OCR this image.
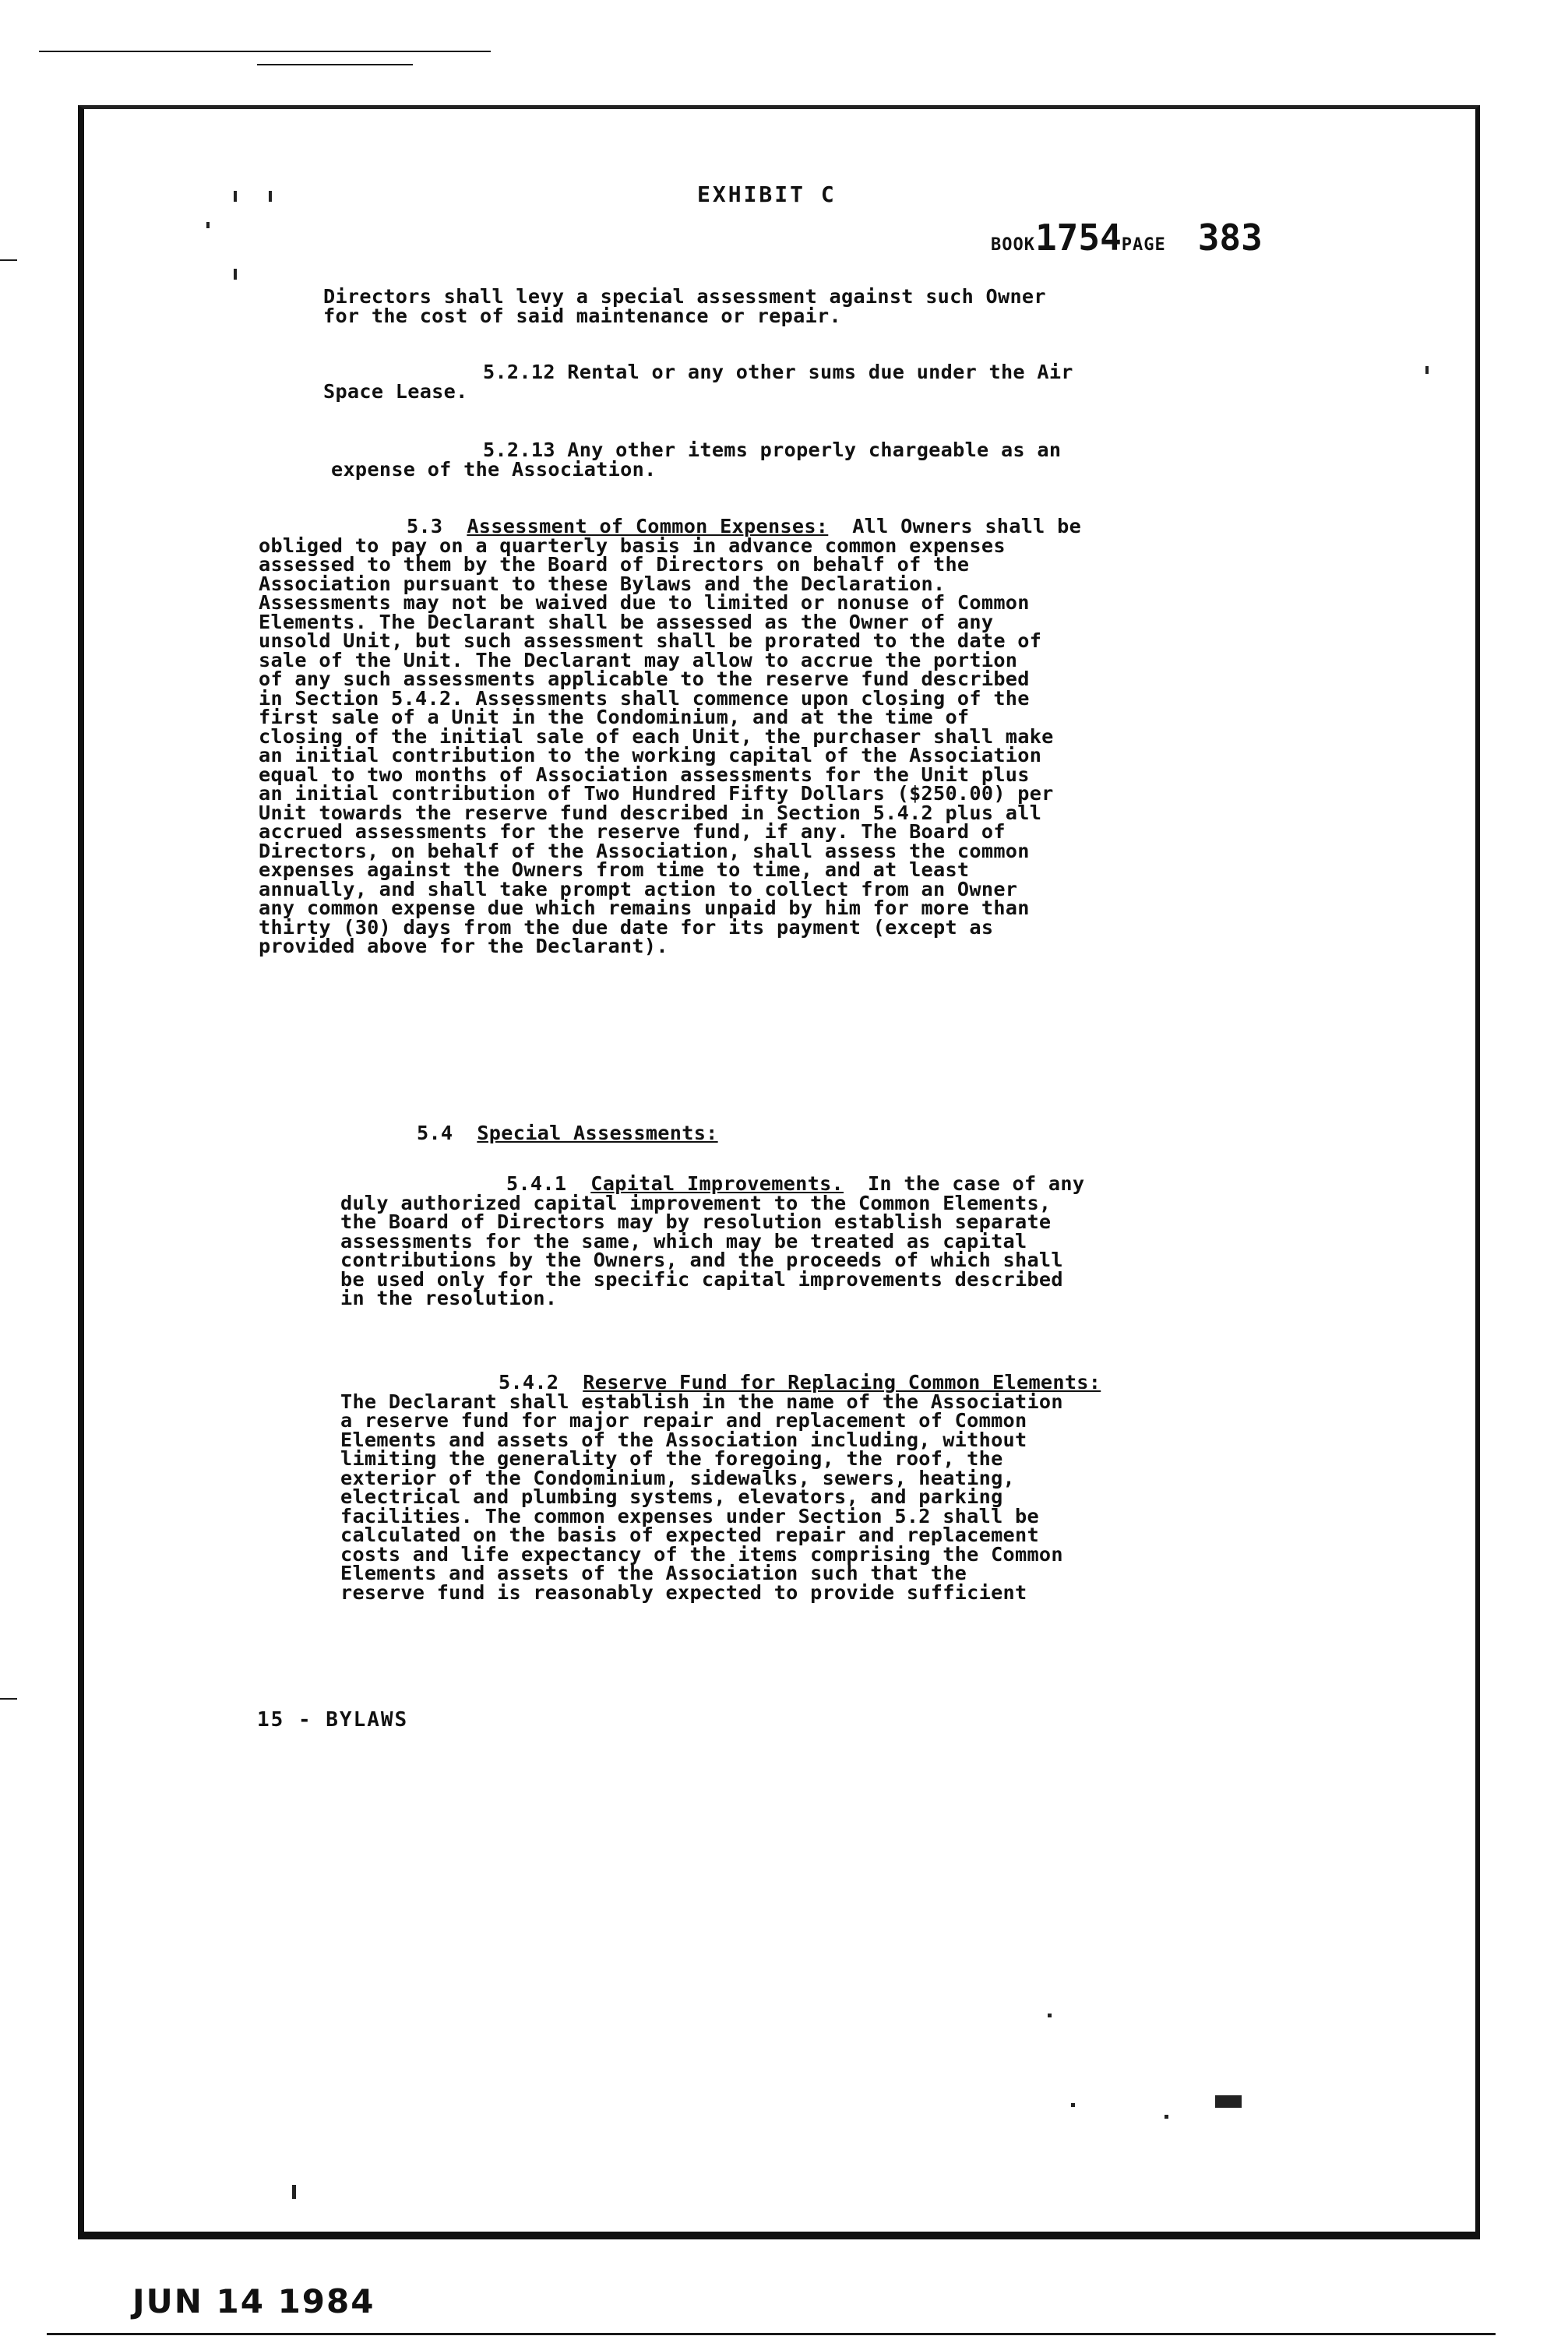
EXHIBIT C
BOOK1754PAGE 383
Directors shall levy a special assessment against such Owner
for the cost of said maintenance or repair.
5.2.12 Rental or any other sums due under the Air
Space Lease.
5.2.13 Any other items properly chargeable as an
expense of the Association.
5.3 Assessment of Common Expenses: All Owners shall be
obliged to pay on a quarterly basis in advance common expenses
assessed to them by the Board of Directors on behalf of the
Association pursuant to these Bylaws and the Declaration.
Assessments may not be waived due to limited or nonuse of Common
Elements. The Declarant shall be assessed as the Owner of any
unsold Unit, but such assessment shall be prorated to the date of
sale of the Unit. The Declarant may allow to accrue the portion
of any such assessments applicable to the reserve fund described
in Section 5.4.2. Assessments shall commence upon closing of the
first sale of a Unit in the Condominium, and at the time of
closing of the initial sale of each Unit, the purchaser shall make
an initial contribution to the working capital of the Association
equal to two months of Association assessments for the Unit plus
an initial contribution of Two Hundred Fifty Dollars ($250.00) per
Unit towards the reserve fund described in Section 5.4.2 plus all
accrued assessments for the reserve fund, if any. The Board of
Directors, on behalf of the Association, shall assess the common
expenses against the Owners from time to time, and at least
annually, and shall take prompt action to collect from an Owner
any common expense due which remains unpaid by him for more than
thirty (30) days from the due date for its payment (except as
provided above for the Declarant).
5.4 Special Assessments:
5.4.1 Capital Improvements. In the case of any
duly authorized capital improvement to the Common Elements,
the Board of Directors may by resolution establish separate
assessments for the same, which may be treated as capital
contributions by the Owners, and the proceeds of which shall
be used only for the specific capital improvements described
in the resolution.
5.4.2 Reserve Fund for Replacing Common Elements:
The Declarant shall establish in the name of the Association
a reserve fund for major repair and replacement of Common
Elements and assets of the Association including, without
limiting the generality of the foregoing, the roof, the
exterior of the Condominium, sidewalks, sewers, heating,
electrical and plumbing systems, elevators, and parking
facilities. The common expenses under Section 5.2 shall be
calculated on the basis of expected repair and replacement
costs and life expectancy of the items comprising the Common
Elements and assets of the Association such that the
reserve fund is reasonably expected to provide sufficient
15 - BYLAWS
JUN 14 1984
